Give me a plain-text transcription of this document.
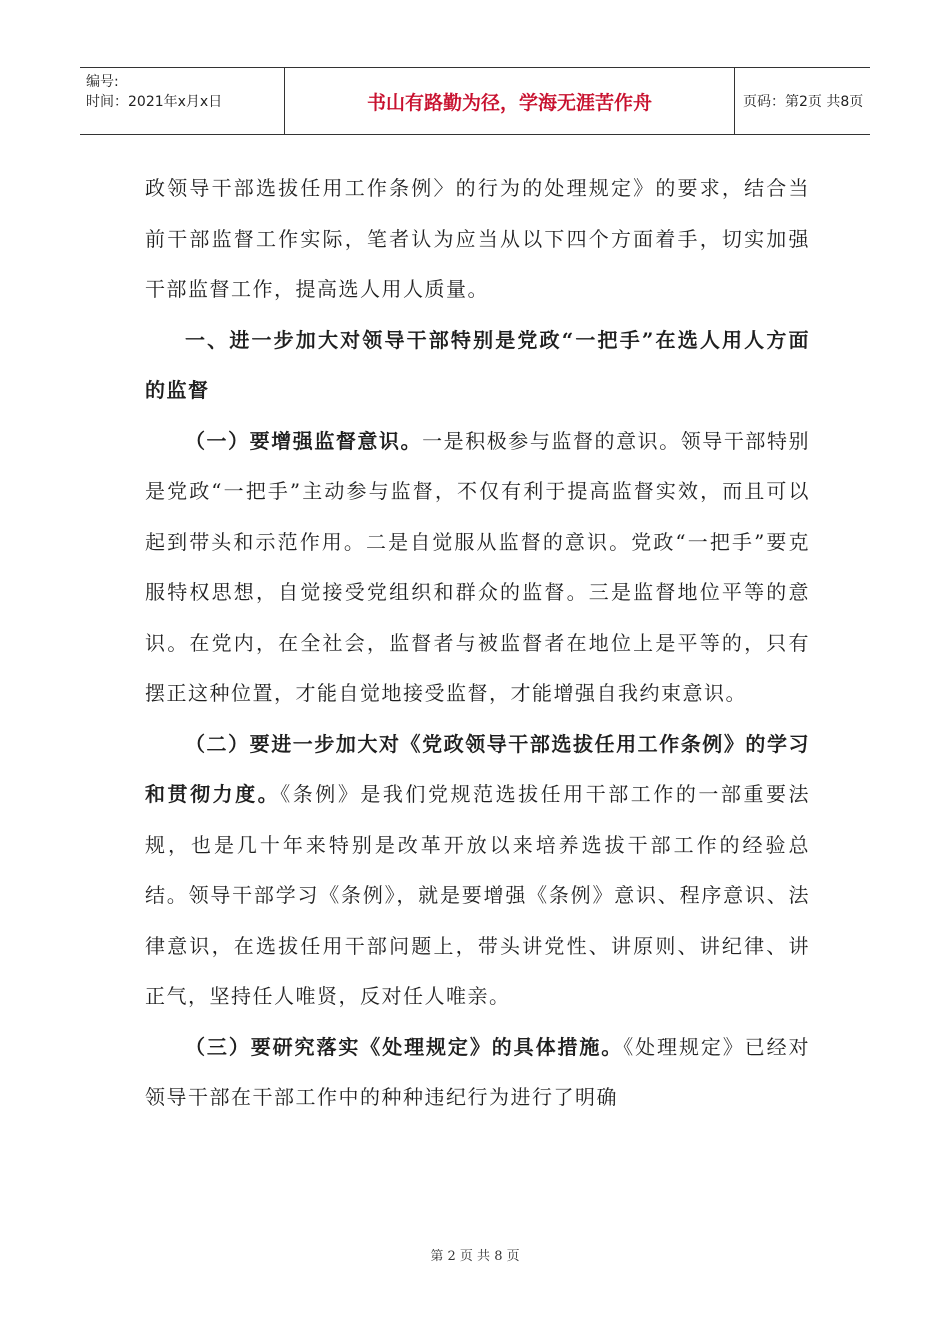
编号:
时间：2021年x月x日	书山有路勤为径，学海无涯苦作舟	页码：第2页 共8页

政领导干部选拔任用工作条例〉的行为的处理规定》的要求，结合当前干部监督工作实际，笔者认为应当从以下四个方面着手，切实加强干部监督工作，提高选人用人质量。

一、进一步加大对领导干部特别是党政“一把手”在选人用人方面的监督

（一）要增强监督意识。一是积极参与监督的意识。领导干部特别是党政“一把手”主动参与监督，不仅有利于提高监督实效，而且可以起到带头和示范作用。二是自觉服从监督的意识。党政“一把手”要克服特权思想，自觉接受党组织和群众的监督。三是监督地位平等的意识。在党内，在全社会，监督者与被监督者在地位上是平等的，只有摆正这种位置，才能自觉地接受监督，才能增强自我约束意识。

（二）要进一步加大对《党政领导干部选拔任用工作条例》的学习和贯彻力度。《条例》是我们党规范选拔任用干部工作的一部重要法规，也是几十年来特别是改革开放以来培养选拔干部工作的经验总结。领导干部学习《条例》，就是要增强《条例》意识、程序意识、法律意识，在选拔任用干部问题上，带头讲党性、讲原则、讲纪律、讲正气，坚持任人唯贤，反对任人唯亲。

（三）要研究落实《处理规定》的具体措施。《处理规定》已经对领导干部在干部工作中的种种违纪行为进行了明确

第 2 页 共 8 页
